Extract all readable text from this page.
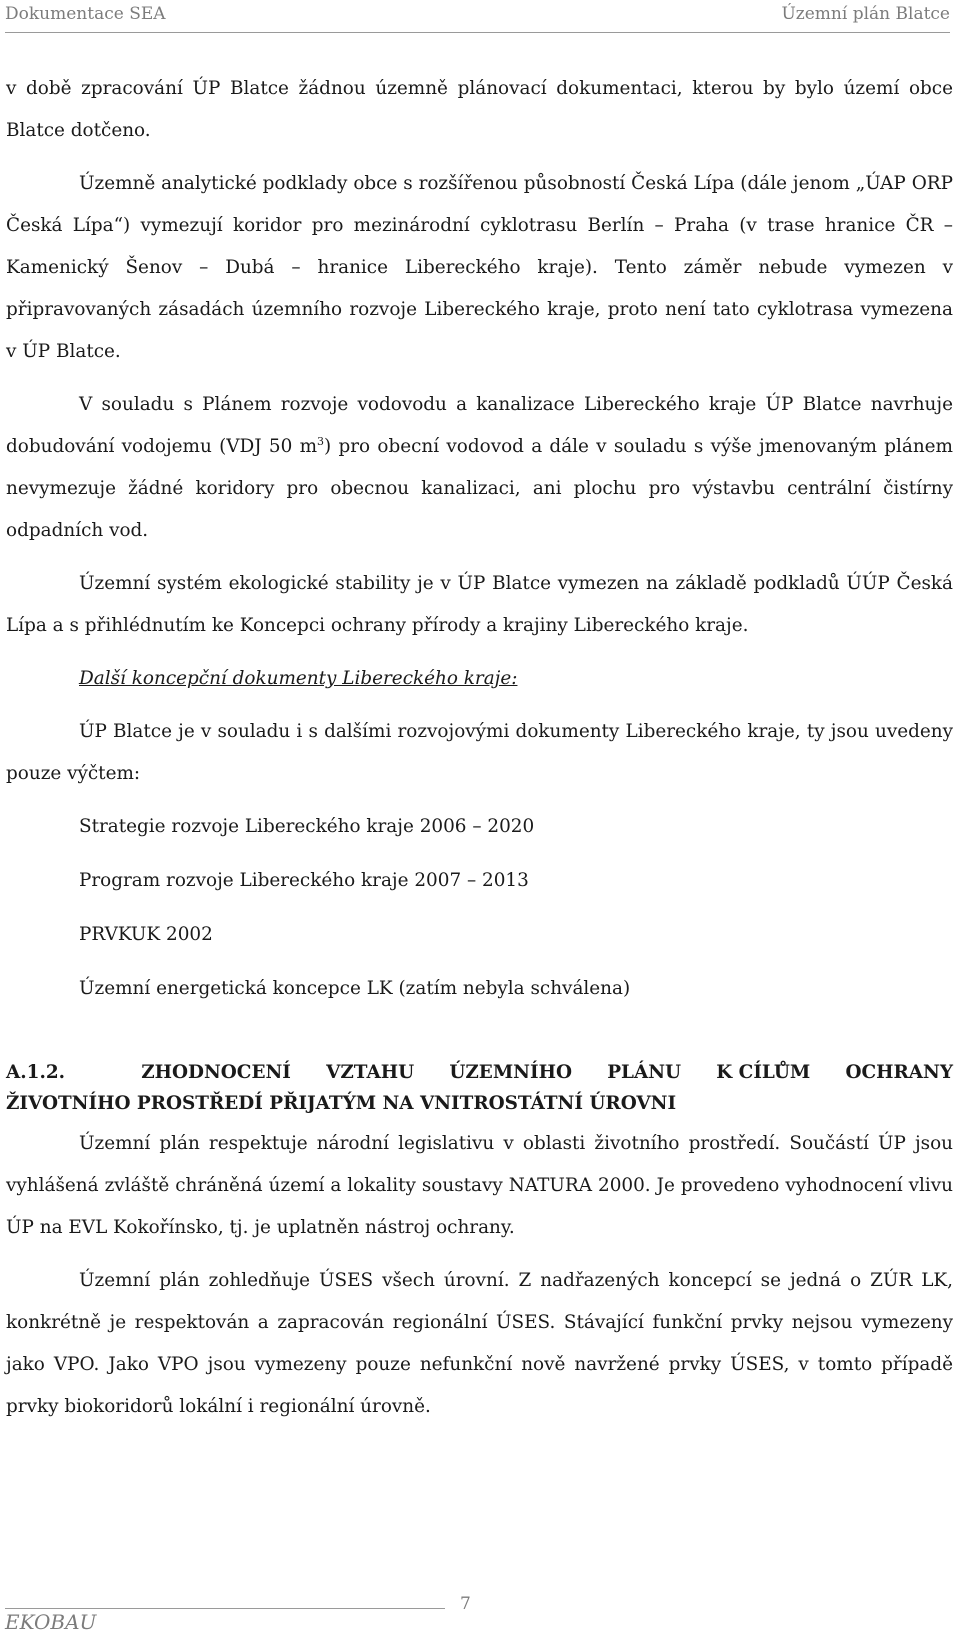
Dokumentace SEA	Územní plán Blatce

v době zpracování ÚP Blatce žádnou územně plánovací dokumentaci, kterou by bylo území obce Blatce dotčeno.

Územně analytické podklady obce s rozšířenou působností Česká Lípa (dále jenom „ÚAP ORP Česká Lípa“) vymezují koridor pro mezinárodní cyklotrasu Berlín – Praha (v trase hranice ČR – Kamenický Šenov – Dubá – hranice Libereckého kraje). Tento záměr nebude vymezen v připravovaných zásadách územního rozvoje Libereckého kraje, proto není tato cyklotrasa vymezena v ÚP Blatce.

V souladu s Plánem rozvoje vodovodu a kanalizace Libereckého kraje ÚP Blatce navrhuje dobudování vodojemu (VDJ 50 $m^3$) pro obecní vodovod a dále v souladu s výše jmenovaným plánem nevymezuje žádné koridory pro obecnou kanalizaci, ani plochu pro výstavbu centrální čistírny odpadních vod.

Územní systém ekologické stability je v ÚP Blatce vymezen na základě podkladů ÚÚP Česká Lípa a s přihlédnutím ke Koncepci ochrany přírody a krajiny Libereckého kraje.

Další koncepční dokumenty Libereckého kraje:

ÚP Blatce je v souladu i s dalšími rozvojovými dokumenty Libereckého kraje, ty jsou uvedeny pouze výčtem:

Strategie rozvoje Libereckého kraje 2006 – 2020
Program rozvoje Libereckého kraje 2007 – 2013
PRVKUK 2002
Územní energetická koncepce LK (zatím nebyla schválena)
A.1.2.	ZHODNOCENÍ VZTAHU ÚZEMNÍHO PLÁNU K CÍLŮM OCHRANY
ŽIVOTNÍHO PROSTŘEDÍ PŘIJATÝM NA VNITROSTÁTNÍ ÚROVNI

Územní plán respektuje národní legislativu v oblasti životního prostředí. Součástí ÚP jsou vyhlášená zvláště chráněná území a lokality soustavy NATURA 2000. Je provedeno vyhodnocení vlivu ÚP na EVL Kokořínsko, tj. je uplatněn nástroj ochrany.

Územní plán zohledňuje ÚSES všech úrovní. Z nadřazených koncepcí se jedná o ZÚR LK, konkrétně je respektován a zapracován regionální ÚSES. Stávající funkční prvky nejsou vymezeny jako VPO. Jako VPO jsou vymezeny pouze nefunkční nově navržené prvky ÚSES, v tomto případě prvky biokoridorů lokální i regionální úrovně.

EKOBAU
7
